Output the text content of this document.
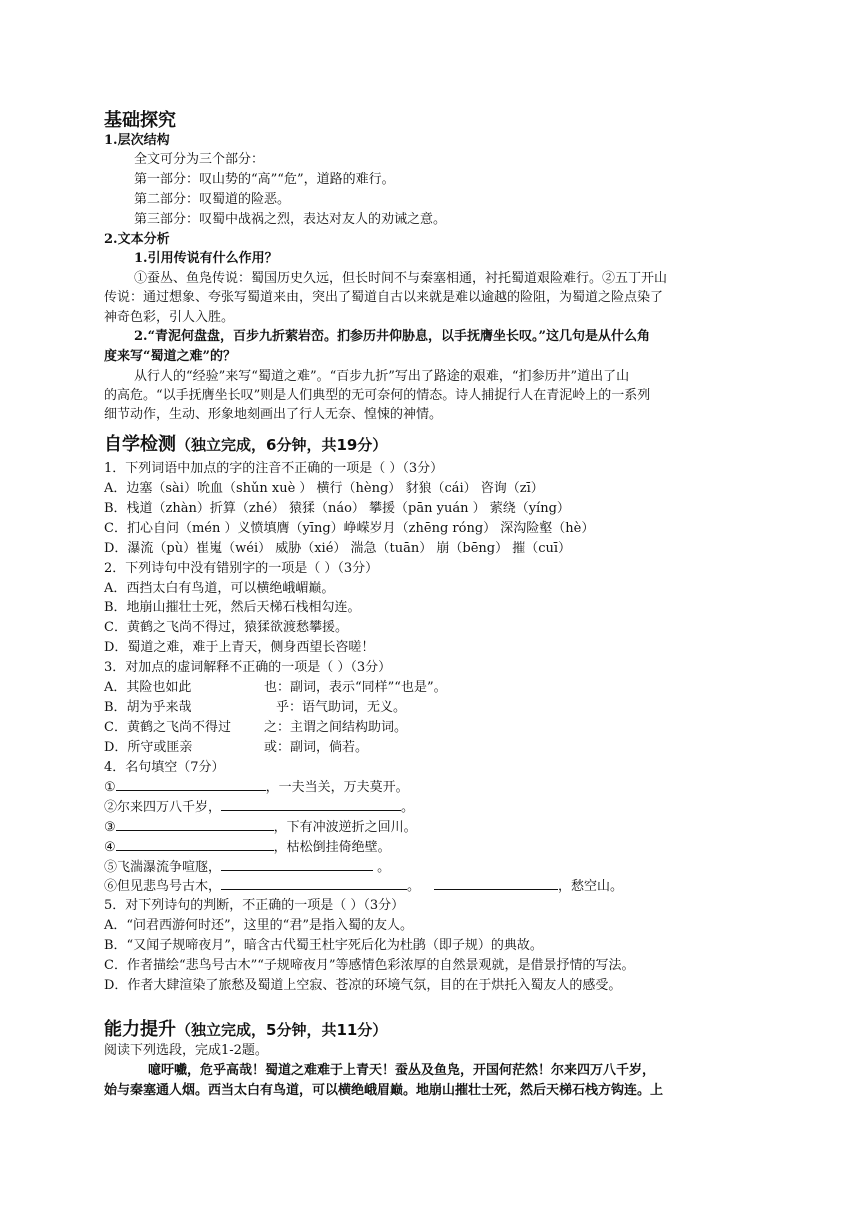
基础探究
1.层次结构
全文可分为三个部分：
第一部分：叹山势的“高”“危”，道路的难行。
第二部分：叹蜀道的险恶。
第三部分：叹蜀中战祸之烈，表达对友人的劝诫之意。
2.文本分析
1.引用传说有什么作用？
①蚕丛、鱼凫传说：蜀国历史久远，但长时间不与秦塞相通，衬托蜀道艰险难行。②五丁开山
传说：通过想象、夸张写蜀道来由，突出了蜀道自古以来就是难以逾越的险阻，为蜀道之险点染了
神奇色彩，引人入胜。
2.“青泥何盘盘，百步九折萦岩峦。扪参历井仰胁息，以手抚膺坐长叹。”这几句是从什么角
度来写“蜀道之难”的？
从行人的“经验”来写“蜀道之难”。“百步九折”写出了路途的艰难，“扪参历井”道出了山
的高危。“以手抚膺坐长叹”则是人们典型的无可奈何的情态。诗人捕捉行人在青泥岭上的一系列
细节动作，生动、形象地刻画出了行人无奈、惶悚的神情。
自学检测（独立完成，6分钟，共19分）
1．下列词语中加点的字的注音不正确的一项是（ ）（3分）
A．边塞（sài）吮血（shǔn xuè ） 横行（hèng） 豺狼（cái） 咨询（zī）
B．栈道（zhàn）折算（zhé） 猿猱（náo） 攀援（pān yuán ） 萦绕（yíng）
C．扪心自问（mén ）义愤填膺（yīng）峥嵘岁月（zhēng róng） 深沟险壑（hè）
D．瀑流（pù）崔嵬（wéi） 威胁（xié） 湍急（tuān） 崩（bēng） 摧（cuī）
2．下列诗句中没有错别字的一项是（ ）（3分）
A．西挡太白有鸟道，可以横绝峨嵋巅。
B．地崩山摧壮士死，然后天梯石栈相勾连。
C．黄鹤之飞尚不得过，猿猱欲渡愁攀援。
D．蜀道之难，难于上青天，侧身西望长咨嗟！
3．对加点的虚词解释不正确的一项是（ ）（3分）
A．其险也如此	也：副词，表示“同样”“也是”。
B．胡为乎来哉	乎：语气助词，无义。
C．黄鹤之飞尚不得过	之：主谓之间结构助词。
D．所守或匪亲	或：副词，倘若。
4．名句填空（7分）
①	，一夫当关，万夫莫开。
②尔来四万八千岁，	。
③	，下有冲波逆折之回川。
④	，枯松倒挂倚绝壁。
⑤飞湍瀑流争喧豗，	。
⑥但见悲鸟号古木，	。	，愁空山。
5．对下列诗句的判断，不正确的一项是（ ）（3分）
A．“问君西游何时还”，这里的“君”是指入蜀的友人。
B．“又闻子规啼夜月”，暗含古代蜀王杜宇死后化为杜鹃（即子规）的典故。
C．作者描绘“悲鸟号古木”“子规啼夜月”等感情色彩浓厚的自然景观就，是借景抒情的写法。
D．作者大肆渲染了旅愁及蜀道上空寂、苍凉的环境气氛，目的在于烘托入蜀友人的感受。
能力提升（独立完成，5分钟，共11分）
阅读下列选段，完成1-2题。
噫吁嚱，危乎高哉！蜀道之难难于上青天！蚕丛及鱼凫，开国何茫然！尔来四万八千岁，
始与秦塞通人烟。西当太白有鸟道，可以横绝峨眉巅。地崩山摧壮士死，然后天梯石栈方钩连。上
